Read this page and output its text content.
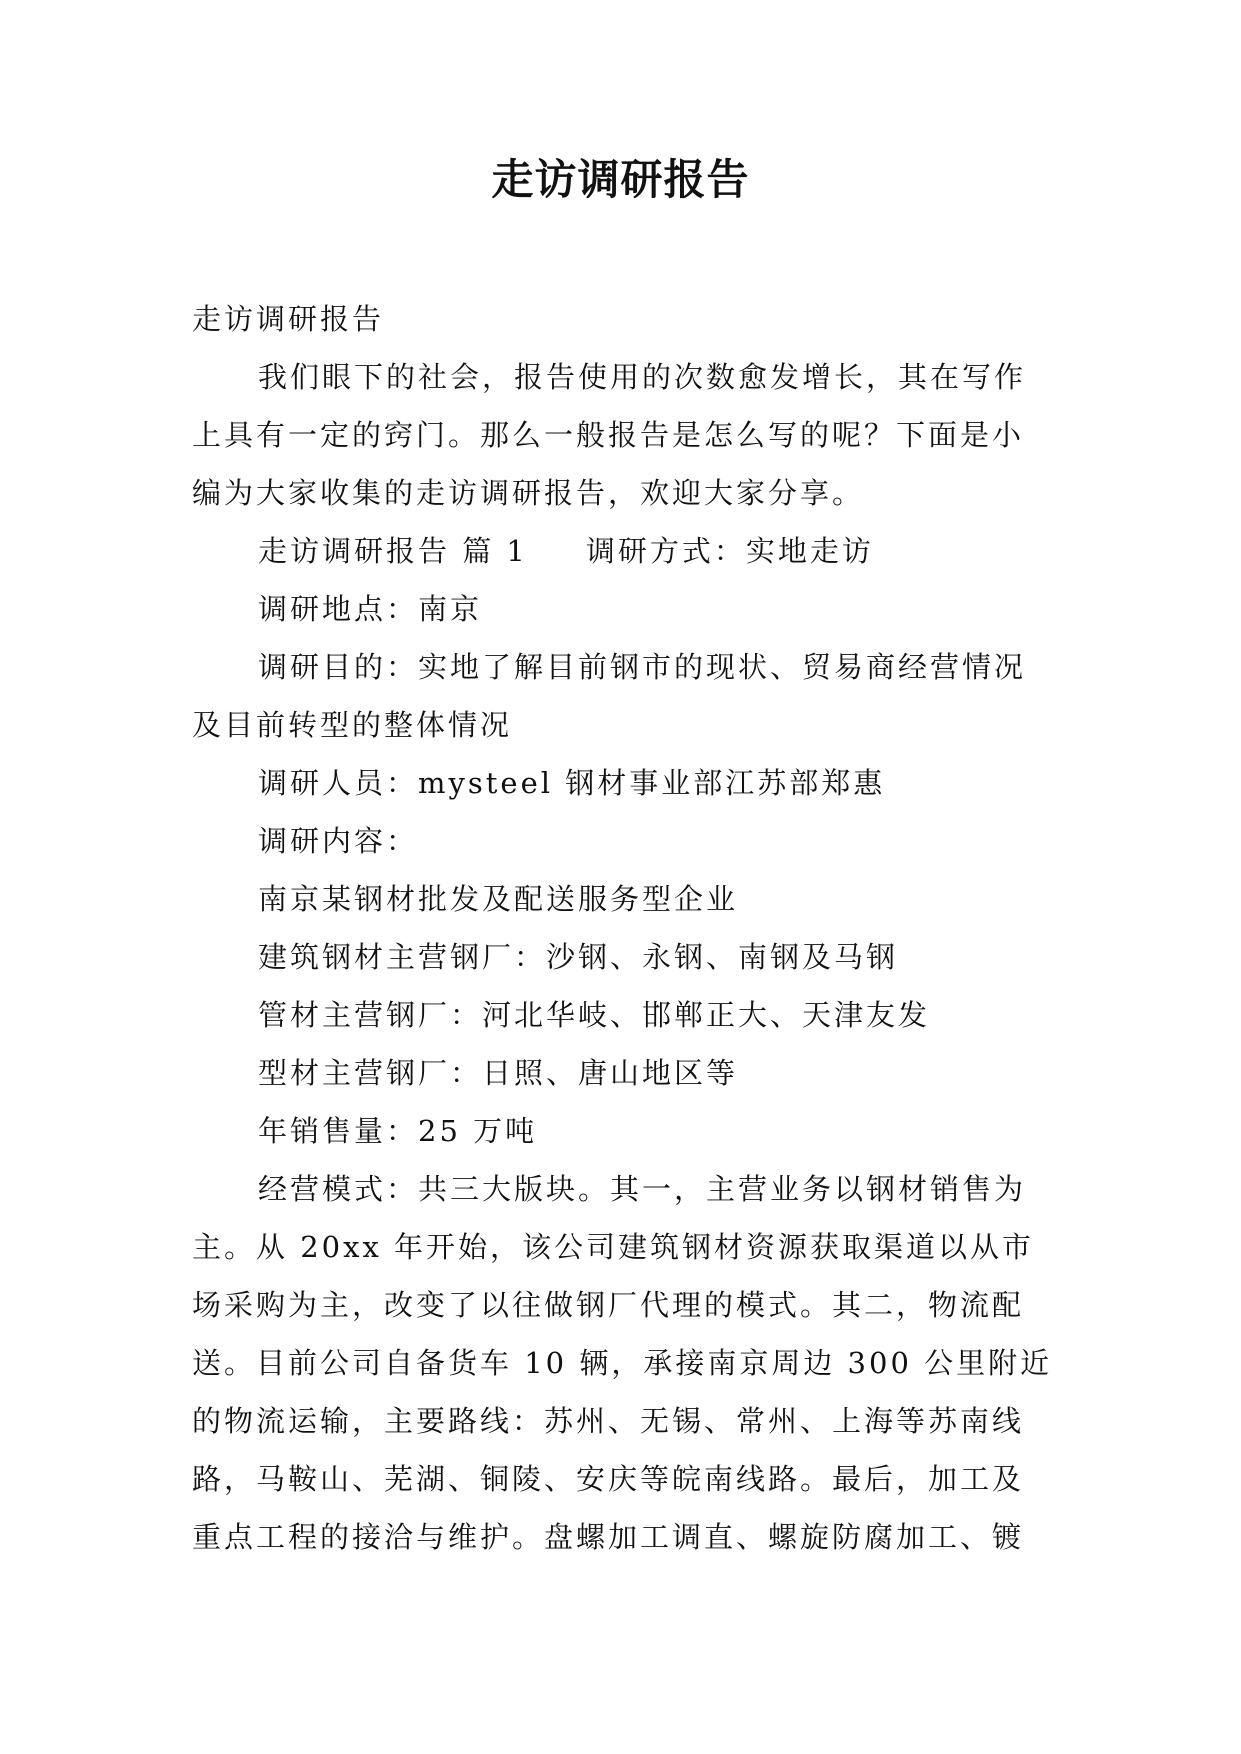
走访调研报告

走访调研报告

我们眼下的社会，报告使用的次数愈发增长，其在写作

上具有一定的窍门。那么一般报告是怎么写的呢？下面是小

编为大家收集的走访调研报告，欢迎大家分享。

走访调研报告 篇 1 调研方式：实地走访

调研地点：南京

调研目的：实地了解目前钢市的现状、贸易商经营情况

及目前转型的整体情况

调研人员：mysteel 钢材事业部江苏部郑惠

调研内容：

南京某钢材批发及配送服务型企业

建筑钢材主营钢厂：沙钢、永钢、南钢及马钢

管材主营钢厂：河北华岐、邯郸正大、天津友发

型材主营钢厂：日照、唐山地区等

年销售量：25 万吨

经营模式：共三大版块。其一，主营业务以钢材销售为

主。从 20xx 年开始，该公司建筑钢材资源获取渠道以从市

场采购为主，改变了以往做钢厂代理的模式。其二，物流配

送。目前公司自备货车 10 辆，承接南京周边 300 公里附近

的物流运输，主要路线：苏州、无锡、常州、上海等苏南线

路，马鞍山、芜湖、铜陵、安庆等皖南线路。最后，加工及

重点工程的接洽与维护。盘螺加工调直、螺旋防腐加工、镀
